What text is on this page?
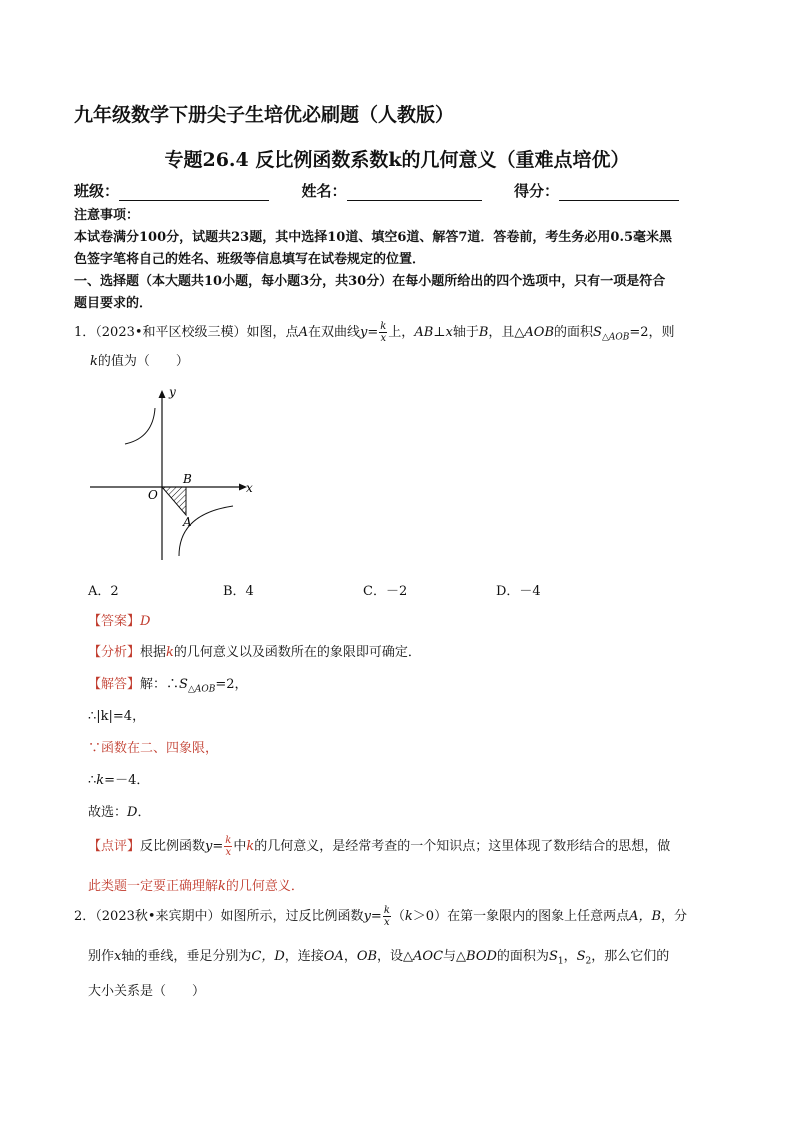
九年级数学下册尖子生培优必刷题（人教版）
专题26.4 反比例函数系数k的几何意义（重难点培优）
班级：	姓名：	得分：
注意事项：
本试卷满分100分，试题共23题，其中选择10道、填空6道、解答7道．答卷前，考生务必用0.5毫米黑
色签字笔将自己的姓名、班级等信息填写在试卷规定的位置．
一、选择题（本大题共10小题，每小题3分，共30分）在每小题所给出的四个选项中，只有一项是符合
题目要求的．
1．（2023•和平区校级三模）如图，点A在双曲线$y= \frac{k}{x}$ 上，AB⊥x轴于B，且△AOB的面积$S_{\triangle AOB}=2$，则
k的值为（　　）
x
y
B
O
A
A．2	B．4	C．－2	D．－4
【答案】D
【分析】根据k的几何意义以及函数所在的象限即可确定．
【解答】解：$\therefore S_{\triangle AOB}=2$，
∴|k|=4，
∵函数在二、四象限，
∴k=－4．
故选：D．
【点评】反比例函数$y= \frac{k}{x}$ 中k的几何意义，是经常考查的一个知识点；这里体现了数形结合的思想，做
此类题一定要正确理解k的几何意义．
2．（2023秋•来宾期中）如图所示，过反比例函数$y= \frac{k}{x} (k>0)$在第一象限内的图象上任意两点A，B，分
别作x轴的垂线，垂足分别为C，D，连接OA，OB，设△AOC与△BOD的面积为$S_1$，$S_2$，那么它们的
大小关系是（　　）
